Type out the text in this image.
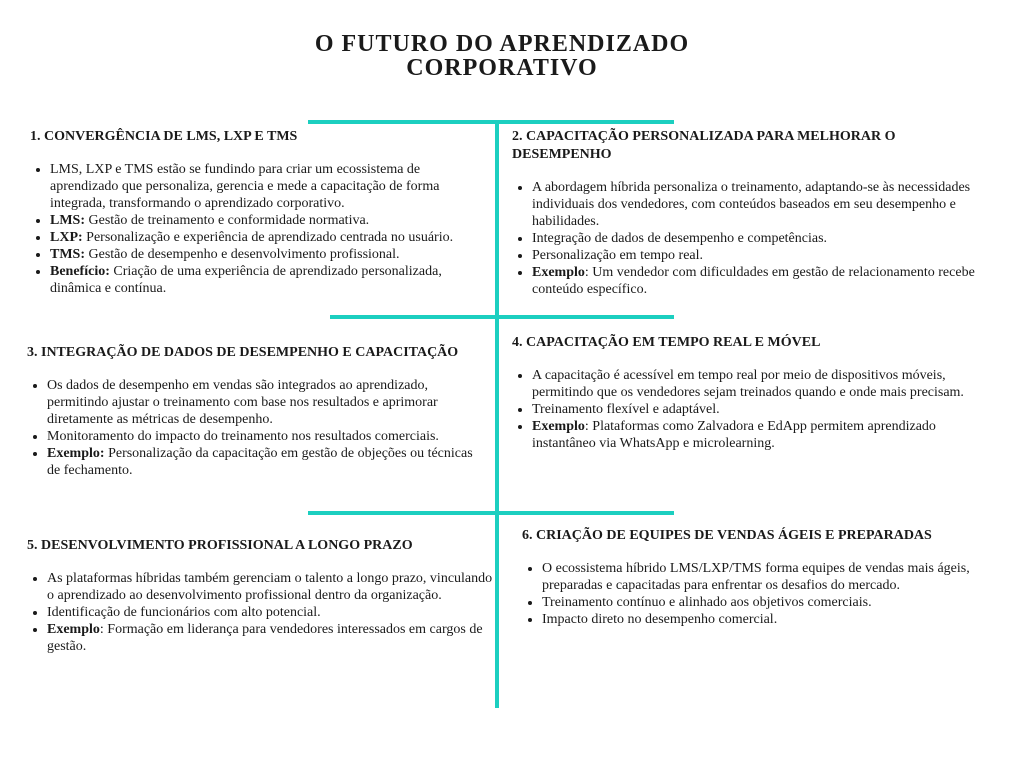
O FUTURO DO APRENDIZADO
CORPORATIVO
1. CONVERGÊNCIA DE LMS, LXP E TMS
• LMS, LXP e TMS estão se fundindo para criar um ecossistema de aprendizado que personaliza, gerencia e mede a capacitação de forma integrada, transformando o aprendizado corporativo.
• LMS: Gestão de treinamento e conformidade normativa.
• LXP: Personalização e experiência de aprendizado centrada no usuário.
• TMS: Gestão de desempenho e desenvolvimento profissional.
• Benefício: Criação de uma experiência de aprendizado personalizada, dinâmica e contínua.
2. CAPACITAÇÃO PERSONALIZADA PARA MELHORAR O DESEMPENHO
• A abordagem híbrida personaliza o treinamento, adaptando-se às necessidades individuais dos vendedores, com conteúdos baseados em seu desempenho e habilidades.
• Integração de dados de desempenho e competências.
• Personalização em tempo real.
• Exemplo: Um vendedor com dificuldades em gestão de relacionamento recebe conteúdo específico.
3. INTEGRAÇÃO DE DADOS DE DESEMPENHO E CAPACITAÇÃO
• Os dados de desempenho em vendas são integrados ao aprendizado, permitindo ajustar o treinamento com base nos resultados e aprimorar diretamente as métricas de desempenho.
• Monitoramento do impacto do treinamento nos resultados comerciais.
• Exemplo: Personalização da capacitação em gestão de objeções ou técnicas de fechamento.
4. CAPACITAÇÃO EM TEMPO REAL E MÓVEL
• A capacitação é acessível em tempo real por meio de dispositivos móveis, permitindo que os vendedores sejam treinados quando e onde mais precisam.
• Treinamento flexível e adaptável.
• Exemplo: Plataformas como Zalvadora e EdApp permitem aprendizado instantâneo via WhatsApp e microlearning.
5. DESENVOLVIMENTO PROFISSIONAL A LONGO PRAZO
• As plataformas híbridas também gerenciam o talento a longo prazo, vinculando o aprendizado ao desenvolvimento profissional dentro da organização.
• Identificação de funcionários com alto potencial.
• Exemplo: Formação em liderança para vendedores interessados em cargos de gestão.
6. CRIAÇÃO DE EQUIPES DE VENDAS ÁGEIS E PREPARADAS
• O ecossistema híbrido LMS/LXP/TMS forma equipes de vendas mais ágeis, preparadas e capacitadas para enfrentar os desafios do mercado.
• Treinamento contínuo e alinhado aos objetivos comerciais.
• Impacto direto no desempenho comercial.
